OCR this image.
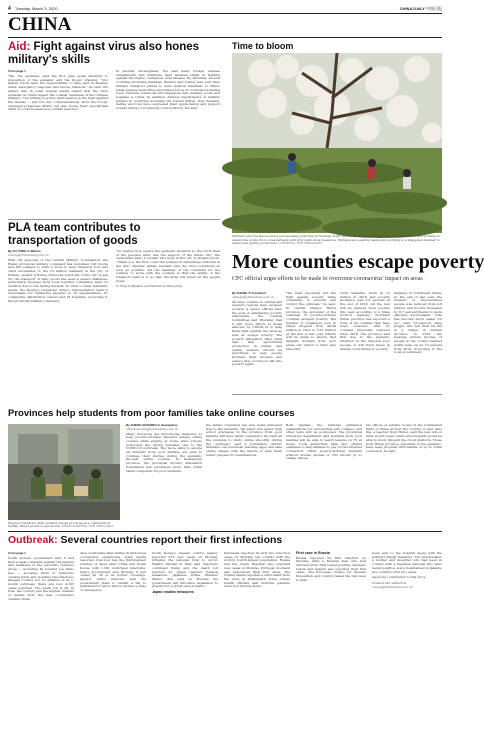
4 Tuesday, March 3, 2020	CHINA DAILY 中国日报
CHINA
Aid: Fight against virus also hones military's skills
From page 1
"We, the epidemic, said the PLA pays great attention to prevention of the epidemic and the troops' training. "Our armed forces have the responsibility to take part in disaster relief, emergency response and rescue missions," he said. Wu added, also in some foreign media claims that the virus epidemic in China impact the combat readiness of the Chinese military. "Our military's active participation in the fight against the disease ... will not only comprehensively show the troops' emergency-response ability but also hones their special-task skills. It could be seen as a combat exercise."
In another development, Wu said many foreign defense departments and militaries have assisted China in fighting against the highly contagious viral disease. By Saturday, several countries including Pakistan, Belarus and Turkey had sent their military transport planes to send medical materials to China, while defense authorities and armed forces in countries including Laos, Vietnam, Cambodia and Singapore had donated goods and supplies to China. In addition, defense departments or military leaders in countries including the United States, New Zealand, Serbia and Iran have expressed their appreciation and support toward China's coronavirus-control efforts, Wu said.
PLA team contributes to transportation of goods
By XU TONG in Wuhan
xutong@chinadaily.com.cn
With the approval of the Central Military Commission, the Hubei provincial military command has mobilized 100 trucks and 300 soldiers to form a truck to help transport food and other necessities to the 10 million residents in the city of Wuhan, capital of Hubei. Since the lockdown of the city on Jan 23, the transport of daily goods has been a severe challenge, particularly because most local logistics companies were on vacation due to the Spring Festival. In order to meet residents' needs, the People's Liberation Army's transportation team is responsible for delivering supplies to 59 supermarkets, 61 community distribution centers and 18 hospitals, according to the provincial military command.
"No matter how severe the epidemic situation is, the truck fleet of the people's army has the support of the whole city," the spokesman said. A woman who lives in the city of Wuhan wrote: "Thank you, the PLA. I saw the soldiers in camouflage uniforms in the city." Another female resident said the city's volunteers as soon as possible. Yet the mainstay of the command for the soldiers to work with the soldiers is that the ability of the transport team is to go fast, the army will never let the people down.
Li Ying in Wuhan contributed to this story.
Time to bloom
Farmers pick tea leaves under a blossoming pear tree in Senlong Town, Kunming, Yunnan province. The local authorities are working to ensure the production of tea farmers with strict anti-virus measures. Farmers are wearing masks and working in a staggered manner to ensure the spring production. LI RUDONG / FOR CHINA DAILY
More counties escape poverty
CPC official urges efforts to be made to overcome coronavirus' impact on areas
By ZHANG YI in Hohhot
zhangyi@chinadaily.com.cn
All nine counties in central and western regions have escaped poverty, a senior official said, the goal of eliminating poverty nationwide. The Central Committee said Thursday that it will focus efforts in areas affected by COVID-19 to help them fight against the virus as well as escape poverty. The poverty alleviation office chief said that agricultural production in winter and spring seasons should be prioritized to help people increase their incomes and ensure they would not fall into poverty again.
"We must resolutely win the fight against poverty while continuing to prevent and control the outbreak," he said. In central China's Hubei province, the epicenter of the outbreak, 37 poverty-stricken counties escaped poverty. The number of registered poor in China dropped from 98.99 million in 2012 to 5.51 million at the end of last year. Efforts will be made to ensure that migrant workers from poor areas can return to their jobs smoothly.
rural residents, down by 13 million in 2019 and poverty incidence was 0.6 percent at the end of 2019. All the rest will be relieved from poverty this year, according to a State Council meeting. Northern Hebei province has reported a total of 24 counties that have been removed, with 61 counties previously removed since 2016. The province said that due to the epidemic situation on the relevant poor people, it will track those in danger of returning to poverty.
Xinjiang. In Northwest China, by the end of last year, the number of impoverished people was reduced from 4.6 million, and income increased by 8.7 percent thanks to more effective development. "Life has become much easier for us," said 72-year-old Tang Jingjiu, who has lived his life in a village in Yunnan province. In 2016, the average annual income of people in the county reached 4,000 yuan, up by 10 percent from 2015, according to the local government.
Provinces help students from poor families take online courses
People's Liberation Army soldiers unload groceries at a community in Wuhan, Hubei province, last month. ZHANG XIAOFENG / FOR CHINA DAILY
By ZHENG XIAOXING in Guangzhou
zhengxiaoxing@chinadaily.com.cn
Many provinces are introducing measures to help poverty-stricken students attend online courses while staying at home after schools postponed the spring semester due to the COVID-19 outbreak. The move aims to ensure all students from poor families are able to continue their studies during the epidemic through online courses. In Guangdong province, the provincial Poverty Alleviation Foundation has purchased more than 3,000 tablet computers for poor students.
the tablet computers are now being delivered free to the students. "All junior and senior high school graduates in the province from poor families will have tablet computers. We want all the students to study online smoothly during the outbreak," said a foundation official. Students can download learning apps and take online classes with the tablets to help them better prepare for examinations.
Both Jiashan, the national admission examinations for universities and colleges, and other tests will be postponed. The provincial education department said students from poor families will be able to watch lessons on TV at home. Local authorities have also offered subsidies to help families to pay for the Internet connection. Other poverty-stricken students without mobile phones or TVs should go to village offices.
tax offices or activity rooms of the Communist Party of China around the country, it said. Xiao Xia, a teacher from Hubei, said the new school term would begin online and students would be able to study through the cloud platform. Those from Hubei province, epicenter of the epidemic, have been provided with tablets or up to 3,000 yuan each, he said.
Outbreak: Several countries report their first infections
From page 1
South Korea's government said it had filed a legal complaint against the leaders and members of the secretive religious group — including its founder Lee Man-hee — accusing them of homicide, causing harm and violating the Infectious Disease Control Act. In defiance of its 1-month outbreak, there are now 4,335 cases reported. The death toll is 28. In Iran, the country has the highest number of deaths from the new coronavirus outside China.
died on Monday after falling ill with novel coronavirus pneumonia, state media reported. Iran now has the third-highest number of cases after China and South Korea, with 1,501 confirmed infections. Iraq's government said Monday it had closed all 38 of its border crossings. Japan's prime minister said his government plans to submit a bill to parliament to allow him to declare a state of emergency.
South Korea's disease control agency reported 476 new cases on Monday, bringing the national total to 4,212. Health officials in Italy said infections continued rising and the death toll reached 52. Japan reached medical measures. Japanese Prime Minister Shinzo Abe said on Monday his government will introduce legislation to prepare for a worst-case scenario.
Japan readies measures
Indonesia reported its first two infection cases on Monday, the country with the world's fourth-largest population. Russia and the Czech Republic also reported new cases on Monday. Portugal, Scotland also announced their first cases. The United States reported a sixth death from the virus in Washington state, where health officials said multiple patients were in a nursing home.
First case in Russia
Russia reported its first infection on Monday, after a Russian man who had returned from Italy tested positive. Senegal, Latvia and Iceland also reported their first cases. The European Centre for Disease Prevention and Control raised the risk level to high.
been sent to the hospital along with the patient's family members. Two Indonesians, a mother and daughter who had been in contact with a Japanese national who later tested positive, were hospitalized in Jakarta, the country's first two cases.
Agencies contributed to this story.
Contact the writers at
xutong@chinadaily.com.cn
